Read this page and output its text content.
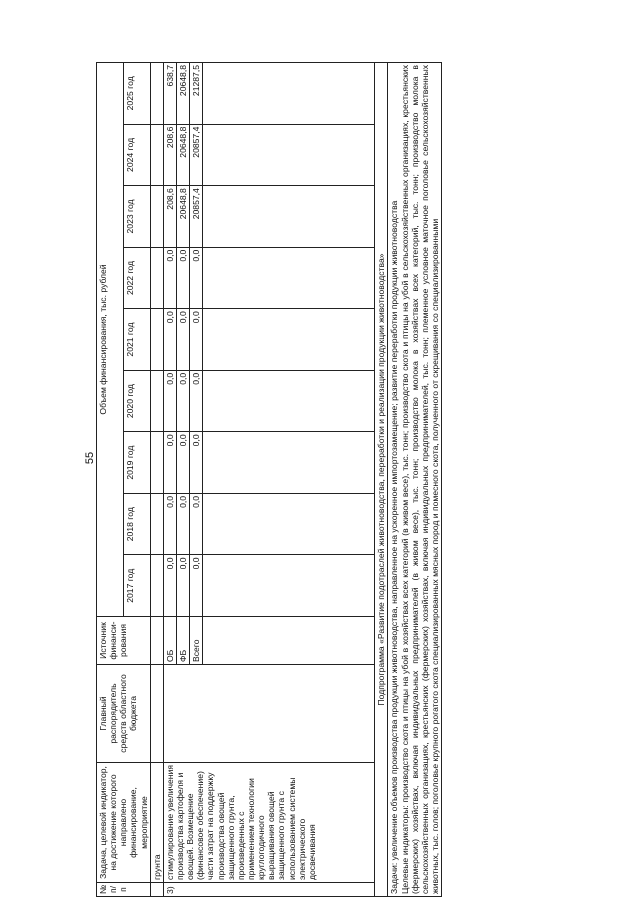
55
№ п/п	Задача, целевой индикатор, на достижение которого направлено финансирование, мероприятие	Главный распорядитель средств областного бюджета	Источник финанси-рования	Объем финансирования, тыс. рублей								
				2017 год	2018 год	2019 год	2020 год	2021 год	2022 год	2023 год	2024 год	2025 год
	грунта											
3)	стимулирование увеличения производства картофеля и овощей. Возмещение (финансовое обеспечение) части затрат на поддержку производства овощей защищенного грунта, произведенных с применением технологии круглогодичного выращивания овощей защищенного грунта с использованием системы электрического досвечивания		ОБ	0,0	0,0	0,0	0,0	0,0	0,0	208,6	208,6	638,7
			ФБ	0,0	0,0	0,0	0,0	0,0	0,0	20648,8	20648,8	20648,8
			Всего	0,0	0,0	0,0	0,0	0,0	0,0	20857,4	20857,4	21287,5

Подпрограмма «Развитие подотраслей животноводства, переработки и реализации продукции животноводства»												

Задачи: увеличение объемов производства продукции животноводства, направленное на ускоренное импортозамещение; развитие переработки продукции животноводства Целевые индикаторы: производство скота и птицы на убой в хозяйствах всех категорий (в живом весе), тыс. тонн; производство скота и птицы на убой в сельскохозяйственных организациях, крестьянских (фермерских) хозяйствах, включая индивидуальных предпринимателей (в живом весе), тыс. тонн; производство молока в хозяйствах всех категорий, тыс. тонн; производство молока в сельскохозяйственных организациях, крестьянских (фермерских) хозяйствах, включая индивидуальных предпринимателей, тыс. тонн; племенное условное маточное поголовье сельскохозяйственных животных, тыс. голов; поголовье крупного рогатого скота специализированных мясных пород и помесного скота, полученного от скрещивания со специализированными												
